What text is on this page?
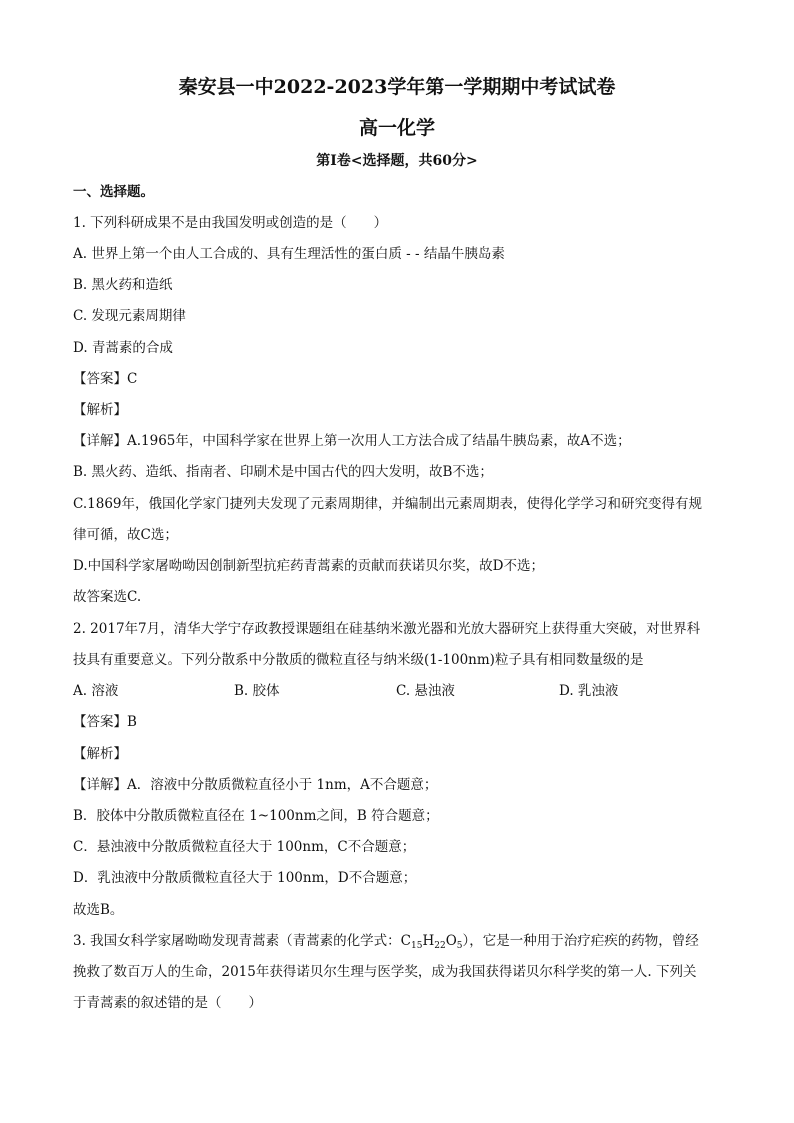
秦安县一中2022-2023学年第一学期期中考试试卷
高一化学
第I卷<选择题，共60分>
一、选择题。
1. 下列科研成果不是由我国发明或创造的是（　　）
A. 世界上第一个由人工合成的、具有生理活性的蛋白质 - - 结晶牛胰岛素
B. 黑火药和造纸
C. 发现元素周期律
D. 青蒿素的合成
【答案】C
【解析】
【详解】A.1965年，中国科学家在世界上第一次用人工方法合成了结晶牛胰岛素，故A不选；
B. 黑火药、造纸、指南者、印刷术是中国古代的四大发明，故B不选；
C.1869年，俄国化学家门捷列夫发现了元素周期律，并编制出元素周期表，使得化学学习和研究变得有规
律可循，故C选；
D.中国科学家屠呦呦因创制新型抗疟药青蒿素的贡献而获诺贝尔奖，故D不选；
故答案选C.
2. 2017年7月，清华大学宁存政教授课题组在硅基纳米激光器和光放大器研究上获得重大突破，对世界科
技具有重要意义。下列分散系中分散质的微粒直径与纳米级(1-100nm)粒子具有相同数量级的是
A. 溶液	B. 胶体	C. 悬浊液	D. 乳浊液
【答案】B
【解析】
【详解】A．溶液中分散质微粒直径小于 1nm，A不合题意；
B．胶体中分散质微粒直径在 1~100nm之间，B 符合题意；
C．悬浊液中分散质微粒直径大于 100nm，C不合题意；
D．乳浊液中分散质微粒直径大于 100nm，D不合题意；
故选B。
3. 我国女科学家屠呦呦发现青蒿素（青蒿素的化学式：$C_{15}H_{22}O_5$），它是一种用于治疗疟疾的药物，曾经
挽救了数百万人的生命，2015年获得诺贝尔生理与医学奖，成为我国获得诺贝尔科学奖的第一人. 下列关
于青蒿素的叙述错的是（　　）
